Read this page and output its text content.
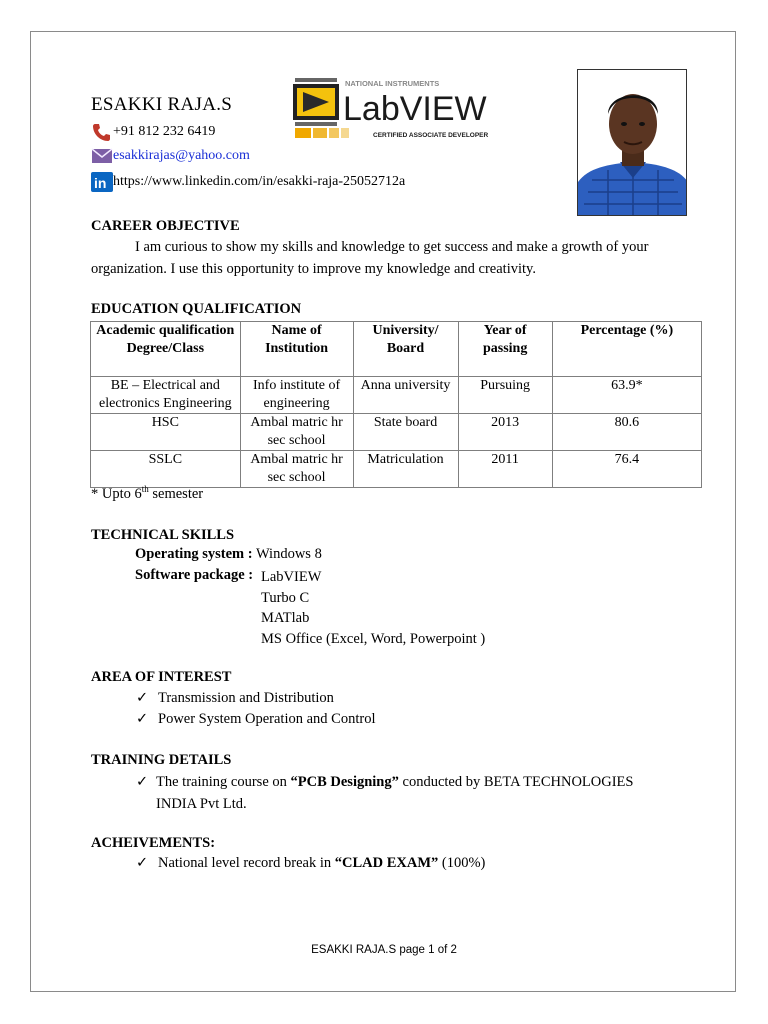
ESAKKI RAJA.S
+91 812 232 6419
esakkirajas@yahoo.com
in https://www.linkedin.com/in/esakki-raja-25052712a
NATIONAL INSTRUMENTS
LabVIEW
CERTIFIED ASSOCIATE DEVELOPER
CAREER OBJECTIVE
I am curious to show my skills and knowledge to get success and make a growth of your organization. I use this opportunity to improve my knowledge and creativity.
EDUCATION QUALIFICATION
Academic qualification Degree/Class	Name of Institution	University/ Board	Year of passing	Percentage (%)
BE – Electrical and electronics Engineering	Info institute of engineering	Anna university	Pursuing	63.9*
HSC	Ambal matric hr sec school	State board	2013	80.6
SSLC	Ambal matric hr sec school	Matriculation	2011	76.4
* Upto 6th semester
TECHNICAL SKILLS
Operating system : Windows 8
Software package : LabVIEW
Turbo C
MATlab
MS Office (Excel, Word, Powerpoint )
AREA OF INTEREST
✓ Transmission and Distribution
✓ Power System Operation and Control
TRAINING DETAILS
✓ The training course on “PCB Designing” conducted by BETA TECHNOLOGIES INDIA Pvt Ltd.
ACHEIVEMENTS:
✓ National level record break in “CLAD EXAM” (100%)
ESAKKI RAJA.S page 1 of 2
